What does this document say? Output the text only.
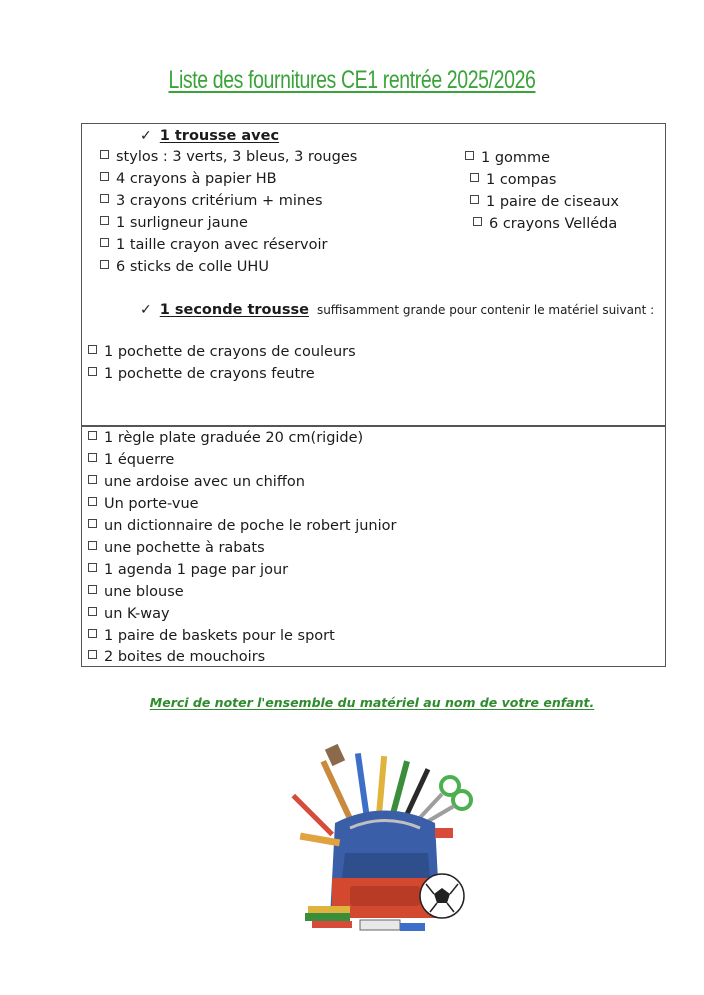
Liste des fournitures CE1 rentrée 2025/2026
✓ 1 trousse avec
stylos : 3 verts, 3 bleus, 3 rouges
4 crayons à papier HB
3 crayons critérium + mines
1 surligneur jaune
1 taille crayon avec réservoir
6 sticks de colle UHU
1 gomme
1 compas
1 paire de ciseaux
6 crayons Velléda
✓ 1 seconde trousse suffisamment grande pour contenir le matériel suivant :
1 pochette de crayons de couleurs
1 pochette de crayons feutre
1 règle plate graduée 20 cm(rigide)
1 équerre
une ardoise avec un chiffon
Un porte-vue
un dictionnaire de poche le robert junior
une pochette à rabats
1 agenda 1 page par jour
une blouse
un K-way
1 paire de baskets pour le sport
2 boites de mouchoirs
Merci de noter l'ensemble du matériel au nom de votre enfant.
